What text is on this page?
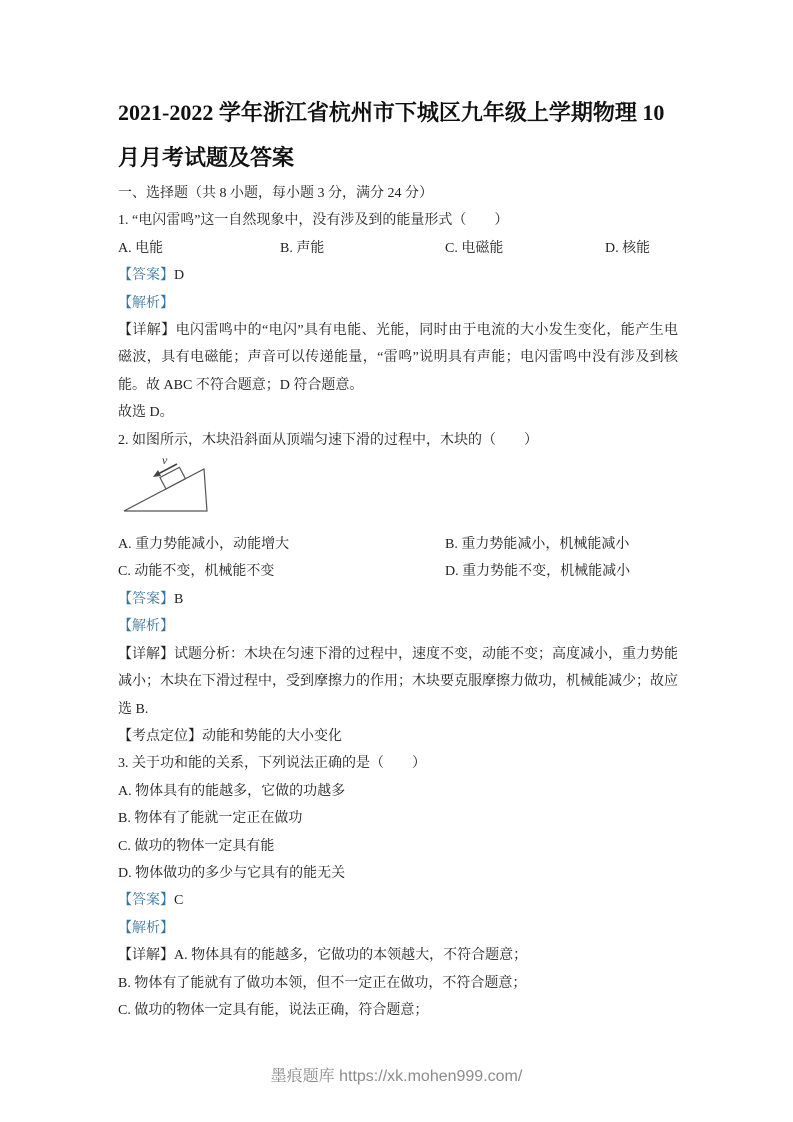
2021-2022 学年浙江省杭州市下城区九年级上学期物理 10
月月考试题及答案
一、选择题（共 8 小题，每小题 3 分，满分 24 分）
1. “电闪雷鸣”这一自然现象中，没有涉及到的能量形式（　　）
A. 电能	B. 声能	C. 电磁能	D. 核能
【答案】D
【解析】
【详解】电闪雷鸣中的“电闪”具有电能、光能，同时由于电流的大小发生变化，能产生电
磁波，具有电磁能；声音可以传递能量，“雷鸣”说明具有声能；电闪雷鸣中没有涉及到核
能。故 ABC 不符合题意；D 符合题意。
故选 D。
2. 如图所示，木块沿斜面从顶端匀速下滑的过程中，木块的（　　）
v
A. 重力势能减小，动能增大	B. 重力势能减小，机械能减小
C. 动能不变，机械能不变	D. 重力势能不变，机械能减小
【答案】B
【解析】
【详解】试题分析：木块在匀速下滑的过程中，速度不变，动能不变；高度减小，重力势能
减小；木块在下滑过程中，受到摩擦力的作用；木块要克服摩擦力做功，机械能减少；故应
选 B.
【考点定位】动能和势能的大小变化
3. 关于功和能的关系，下列说法正确的是（　　）
A. 物体具有的能越多，它做的功越多
B. 物体有了能就一定正在做功
C. 做功的物体一定具有能
D. 物体做功的多少与它具有的能无关
【答案】C
【解析】
【详解】A. 物体具有的能越多，它做功的本领越大，不符合题意；
B. 物体有了能就有了做功本领，但不一定正在做功，不符合题意；
C. 做功的物体一定具有能，说法正确，符合题意；
墨痕题库 https://xk.mohen999.com/
